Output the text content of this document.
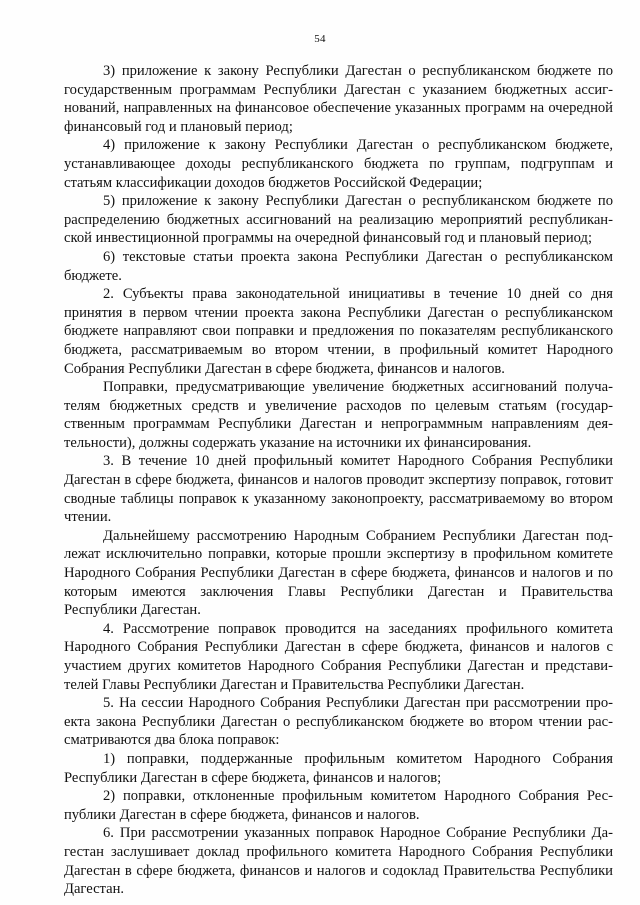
54

3) приложение к закону Республики Дагестан о республиканском бюджете по государственным программам Республики Дагестан с указанием бюджетных ассигнований, направленных на финансовое обеспечение указанных программ на очередной финансовый год и плановый период;

4) приложение к закону Республики Дагестан о республиканском бюджете, устанавливающее доходы республиканского бюджета по группам, подгруппам и статьям классификации доходов бюджетов Российской Федерации;

5) приложение к закону Республики Дагестан о республиканском бюджете по распределению бюджетных ассигнований на реализацию мероприятий республиканской инвестиционной программы на очередной финансовый год и плановый период;

6) текстовые статьи проекта закона Республики Дагестан о республиканском бюджете.

2. Субъекты права законодательной инициативы в течение 10 дней со дня принятия в первом чтении проекта закона Республики Дагестан о республиканском бюджете направляют свои поправки и предложения по показателям республиканского бюджета, рассматриваемым во втором чтении, в профильный комитет Народного Собрания Республики Дагестан в сфере бюджета, финансов и налогов.

Поправки, предусматривающие увеличение бюджетных ассигнований получателям бюджетных средств и увеличение расходов по целевым статьям (государственным программам Республики Дагестан и непрограммным направлениям деятельности), должны содержать указание на источники их финансирования.

3. В течение 10 дней профильный комитет Народного Собрания Республики Дагестан в сфере бюджета, финансов и налогов проводит экспертизу поправок, готовит сводные таблицы поправок к указанному законопроекту, рассматриваемому во втором чтении.

Дальнейшему рассмотрению Народным Собранием Республики Дагестан подлежат исключительно поправки, которые прошли экспертизу в профильном комитете Народного Собрания Республики Дагестан в сфере бюджета, финансов и налогов и по которым имеются заключения Главы Республики Дагестан и Правительства Республики Дагестан.

4. Рассмотрение поправок проводится на заседаниях профильного комитета Народного Собрания Республики Дагестан в сфере бюджета, финансов и налогов с участием других комитетов Народного Собрания Республики Дагестан и представителей Главы Республики Дагестан и Правительства Республики Дагестан.

5. На сессии Народного Собрания Республики Дагестан при рассмотрении проекта закона Республики Дагестан о республиканском бюджете во втором чтении рассматриваются два блока поправок:

1) поправки, поддержанные профильным комитетом Народного Собрания Республики Дагестан в сфере бюджета, финансов и налогов;

2) поправки, отклоненные профильным комитетом Народного Собрания Республики Дагестан в сфере бюджета, финансов и налогов.

6. При рассмотрении указанных поправок Народное Собрание Республики Дагестан заслушивает доклад профильного комитета Народного Собрания Республики Дагестан в сфере бюджета, финансов и налогов и содоклад Правительства Республики Дагестан.
